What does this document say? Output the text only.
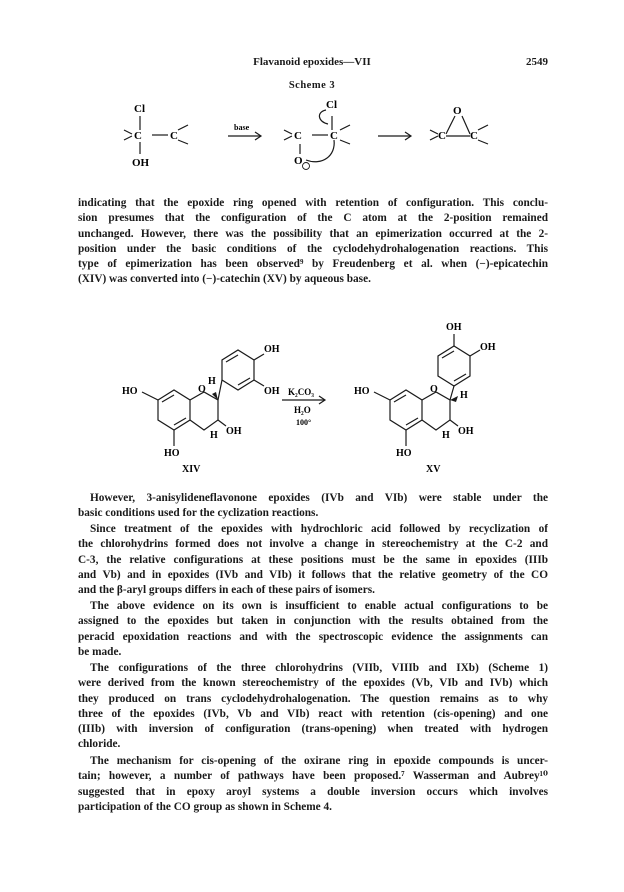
Flavanoid epoxides—VII	2549
Scheme 3
Cl
C	C
OH
base
Cl
C	C
O
O
C C
indicating that the epoxide ring opened with retention of configuration. This conclu-
sion presumes that the configuration of the C atom at the 2-position remained
unchanged. However, there was the possibility that an epimerization occurred at the 2-
position under the basic conditions of the cyclodehydrohalogenation reactions. This
type of epimerization has been observed⁹ by Freudenberg et al. when (−)-epicatechin
(XIV) was converted into (−)-catechin (XV) by aqueous base.
HO	O
H
OH
OH
H OH
HO
XIV
K₂CO₃
H₂O
100°
OH
OH
HO	O
H
H OH
HO
XV
However, 3-anisylideneflavonone epoxides (IVb and VIb) were stable under the
basic conditions used for the cyclization reactions.
Since treatment of the epoxides with hydrochloric acid followed by recyclization of
the chlorohydrins formed does not involve a change in stereochemistry at the C-2 and
C-3, the relative configurations at these positions must be the same in epoxides (IIIb
and Vb) and in epoxides (IVb and VIb) it follows that the relative geometry of the CO
and the β-aryl groups differs in each of these pairs of isomers.
The above evidence on its own is insufficient to enable actual configurations to be
assigned to the epoxides but taken in conjunction with the results obtained from the
peracid epoxidation reactions and with the spectroscopic evidence the assignments can
be made.
The configurations of the three chlorohydrins (VIIb, VIIIb and IXb) (Scheme 1)
were derived from the known stereochemistry of the epoxides (Vb, VIb and IVb) which
they produced on trans cyclodehydrohalogenation. The question remains as to why
three of the epoxides (IVb, Vb and VIb) react with retention (cis-opening) and one
(IIIb) with inversion of configuration (trans-opening) when treated with hydrogen
chloride.
The mechanism for cis-opening of the oxirane ring in epoxide compounds is uncer-
tain; however, a number of pathways have been proposed.⁷ Wasserman and Aubrey¹⁰
suggested that in epoxy aroyl systems a double inversion occurs which involves
participation of the CO group as shown in Scheme 4.
